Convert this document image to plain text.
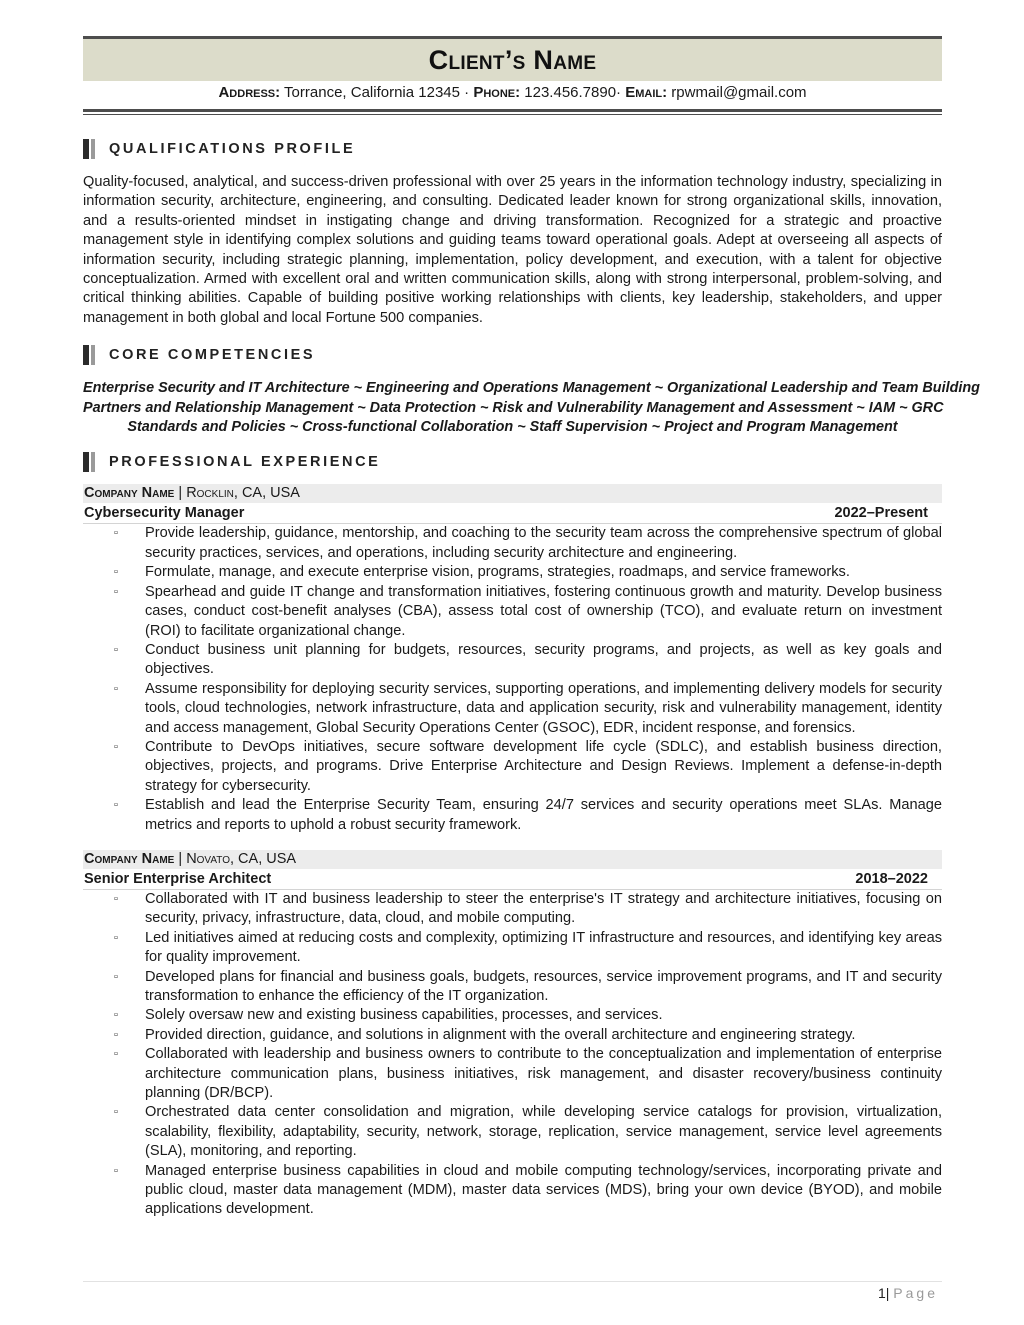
Client’s Name
Address: Torrance, California 12345 · Phone: 123.456.7890· Email: rpwmail@gmail.com
QUALIFICATIONS PROFILE
Quality-focused, analytical, and success-driven professional with over 25 years in the information technology industry, specializing in information security, architecture, engineering, and consulting. Dedicated leader known for strong organizational skills, innovation, and a results-oriented mindset in instigating change and driving transformation. Recognized for a strategic and proactive management style in identifying complex solutions and guiding teams toward operational goals. Adept at overseeing all aspects of information security, including strategic planning, implementation, policy development, and execution, with a talent for objective conceptualization. Armed with excellent oral and written communication skills, along with strong interpersonal, problem-solving, and critical thinking abilities. Capable of building positive working relationships with clients, key leadership, stakeholders, and upper management in both global and local Fortune 500 companies.
CORE COMPETENCIES
Enterprise Security and IT Architecture ~ Engineering and Operations Management ~ Organizational Leadership and Team Building
Partners and Relationship Management ~ Data Protection ~ Risk and Vulnerability Management and Assessment ~ IAM ~ GRC
Standards and Policies ~ Cross-functional Collaboration ~ Staff Supervision ~ Project and Program Management
PROFESSIONAL EXPERIENCE
Company Name | Rocklin, CA, USA
Cybersecurity Manager	2022–Present
▫ Provide leadership, guidance, mentorship, and coaching to the security team across the comprehensive spectrum of global security practices, services, and operations, including security architecture and engineering.
▫ Formulate, manage, and execute enterprise vision, programs, strategies, roadmaps, and service frameworks.
▫ Spearhead and guide IT change and transformation initiatives, fostering continuous growth and maturity. Develop business cases, conduct cost-benefit analyses (CBA), assess total cost of ownership (TCO), and evaluate return on investment (ROI) to facilitate organizational change.
▫ Conduct business unit planning for budgets, resources, security programs, and projects, as well as key goals and objectives.
▫ Assume responsibility for deploying security services, supporting operations, and implementing delivery models for security tools, cloud technologies, network infrastructure, data and application security, risk and vulnerability management, identity and access management, Global Security Operations Center (GSOC), EDR, incident response, and forensics.
▫ Contribute to DevOps initiatives, secure software development life cycle (SDLC), and establish business direction, objectives, projects, and programs. Drive Enterprise Architecture and Design Reviews. Implement a defense-in-depth strategy for cybersecurity.
▫ Establish and lead the Enterprise Security Team, ensuring 24/7 services and security operations meet SLAs. Manage metrics and reports to uphold a robust security framework.
Company Name | Novato, CA, USA
Senior Enterprise Architect	2018–2022
▫ Collaborated with IT and business leadership to steer the enterprise's IT strategy and architecture initiatives, focusing on security, privacy, infrastructure, data, cloud, and mobile computing.
▫ Led initiatives aimed at reducing costs and complexity, optimizing IT infrastructure and resources, and identifying key areas for quality improvement.
▫ Developed plans for financial and business goals, budgets, resources, service improvement programs, and IT and security transformation to enhance the efficiency of the IT organization.
▫ Solely oversaw new and existing business capabilities, processes, and services.
▫ Provided direction, guidance, and solutions in alignment with the overall architecture and engineering strategy.
▫ Collaborated with leadership and business owners to contribute to the conceptualization and implementation of enterprise architecture communication plans, business initiatives, risk management, and disaster recovery/business continuity planning (DR/BCP).
▫ Orchestrated data center consolidation and migration, while developing service catalogs for provision, virtualization, scalability, flexibility, adaptability, security, network, storage, replication, service management, service level agreements (SLA), monitoring, and reporting.
▫ Managed enterprise business capabilities in cloud and mobile computing technology/services, incorporating private and public cloud, master data management (MDM), master data services (MDS), bring your own device (BYOD), and mobile applications development.
1| Page
